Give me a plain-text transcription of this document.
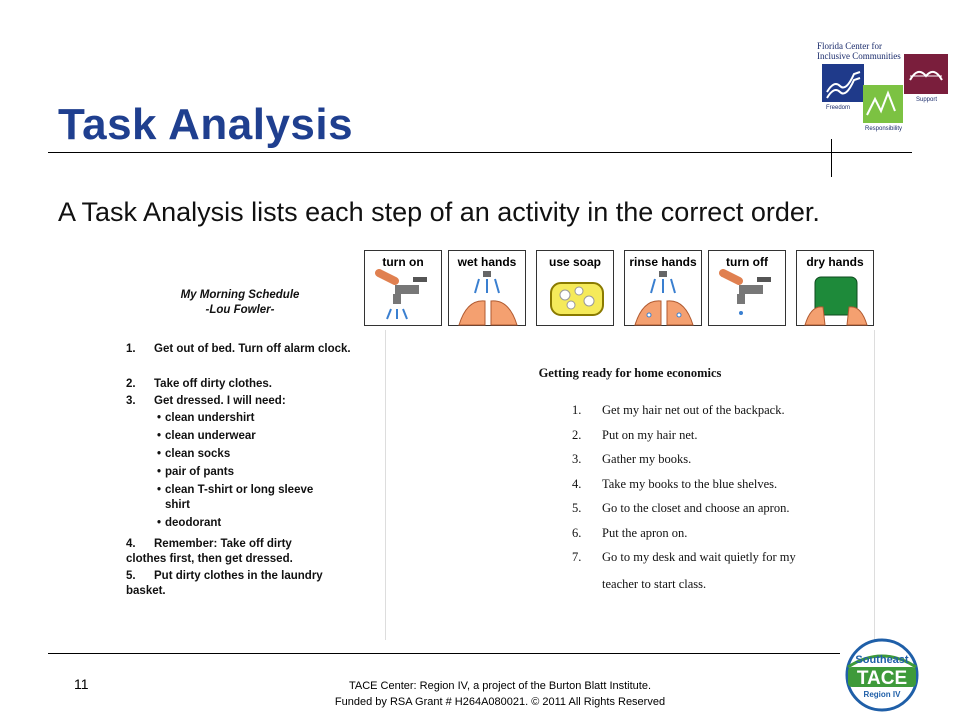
Task Analysis
Florida Center for
Inclusive Communities
Freedom
Responsibility
Support
A Task Analysis lists each step of an activity in the correct order.
turn on	wet hands	use soap	rinse hands	turn off	dry hands
My Morning Schedule
-Lou Fowler-
1.	Get out of bed. Turn off alarm clock.
2.	Take off dirty clothes.
3.	Get dressed. I will need:
• clean undershirt
• clean underwear
• clean socks
• pair of pants
• clean T-shirt or long sleeve shirt
• deodorant
4.	Remember: Take off dirty clothes first, then get dressed.
5.	Put dirty clothes in the laundry basket.
Getting ready for home economics
1. Get my hair net out of the backpack.
2. Put on my hair net.
3. Gather my books.
4. Take my books to the blue shelves.
5. Go to the closet and choose an apron.
6. Put the apron on.
7. Go to my desk and wait quietly for my
teacher to start class.
11	TACE Center: Region IV, a project of the Burton Blatt Institute.
Funded by RSA Grant # H264A080021. © 2011 All Rights Reserved
Southeast
TACE
Region IV
